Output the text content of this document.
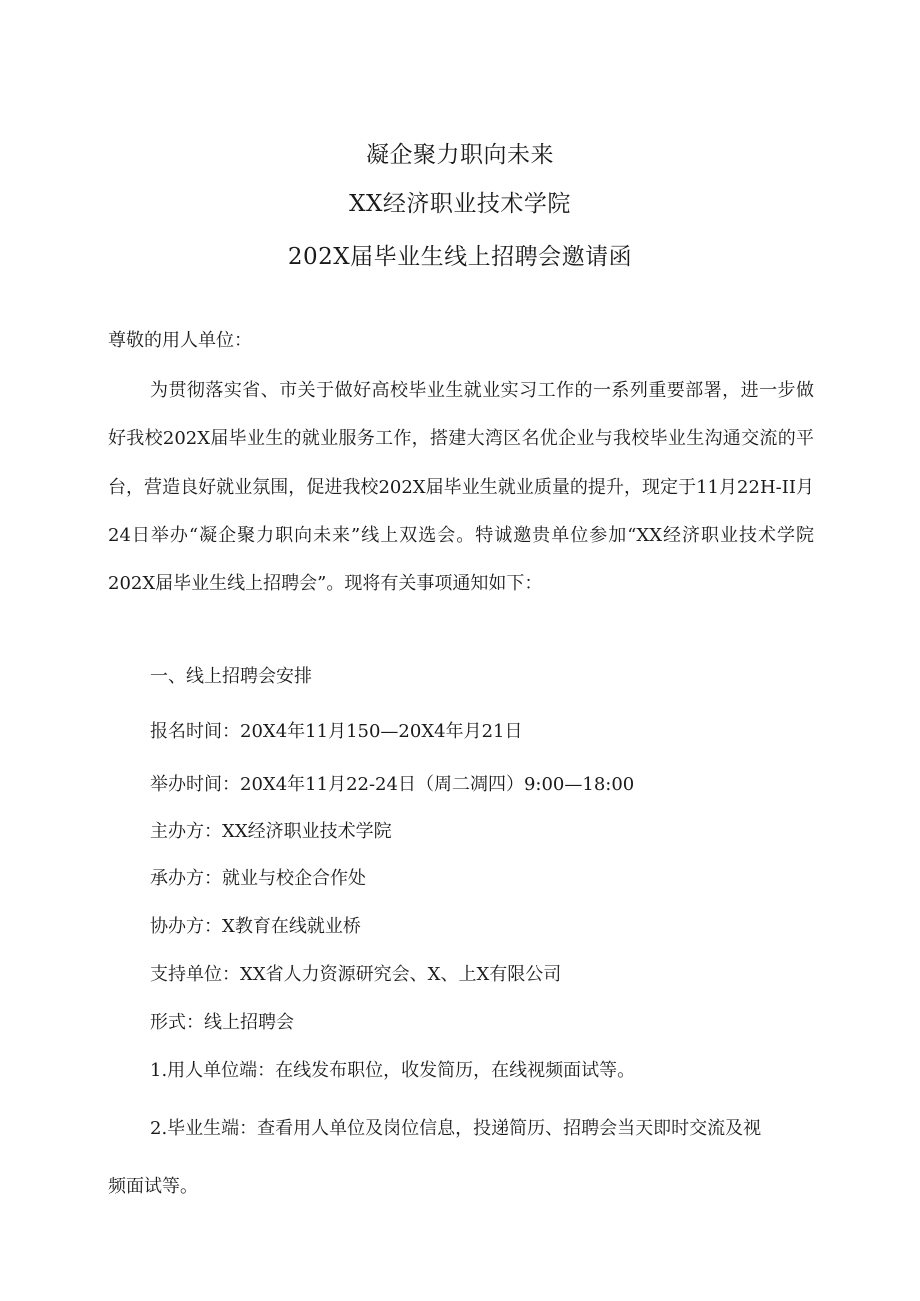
凝企聚力职向未来
XX经济职业技术学院
202X届毕业生线上招聘会邀请函
尊敬的用人单位：
为贯彻落实省、市关于做好高校毕业生就业实习工作的一系列重要部署，进一步做好我校202X届毕业生的就业服务工作，搭建大湾区名优企业与我校毕业生沟通交流的平台，营造良好就业氛围，促进我校202X届毕业生就业质量的提升，现定于11月22H-II月24日举办“凝企聚力职向未来”线上双选会。特诚邀贵单位参加“XX经济职业技术学院202X届毕业生线上招聘会”。现将有关事项通知如下：
一、线上招聘会安排
报名时间：20X4年11月150—20X4年月21日
举办时间：20X4年11月22-24日（周二凋四）9:00—18:00
主办方：XX经济职业技术学院
承办方：就业与校企合作处
协办方：X教育在线就业桥
支持单位：XX省人力资源研究会、X、上X有限公司
形式：线上招聘会
1.用人单位端：在线发布职位，收发简历，在线视频面试等。
2.毕业生端：查看用人单位及岗位信息，投递简历、招聘会当天即时交流及视频面试等。
